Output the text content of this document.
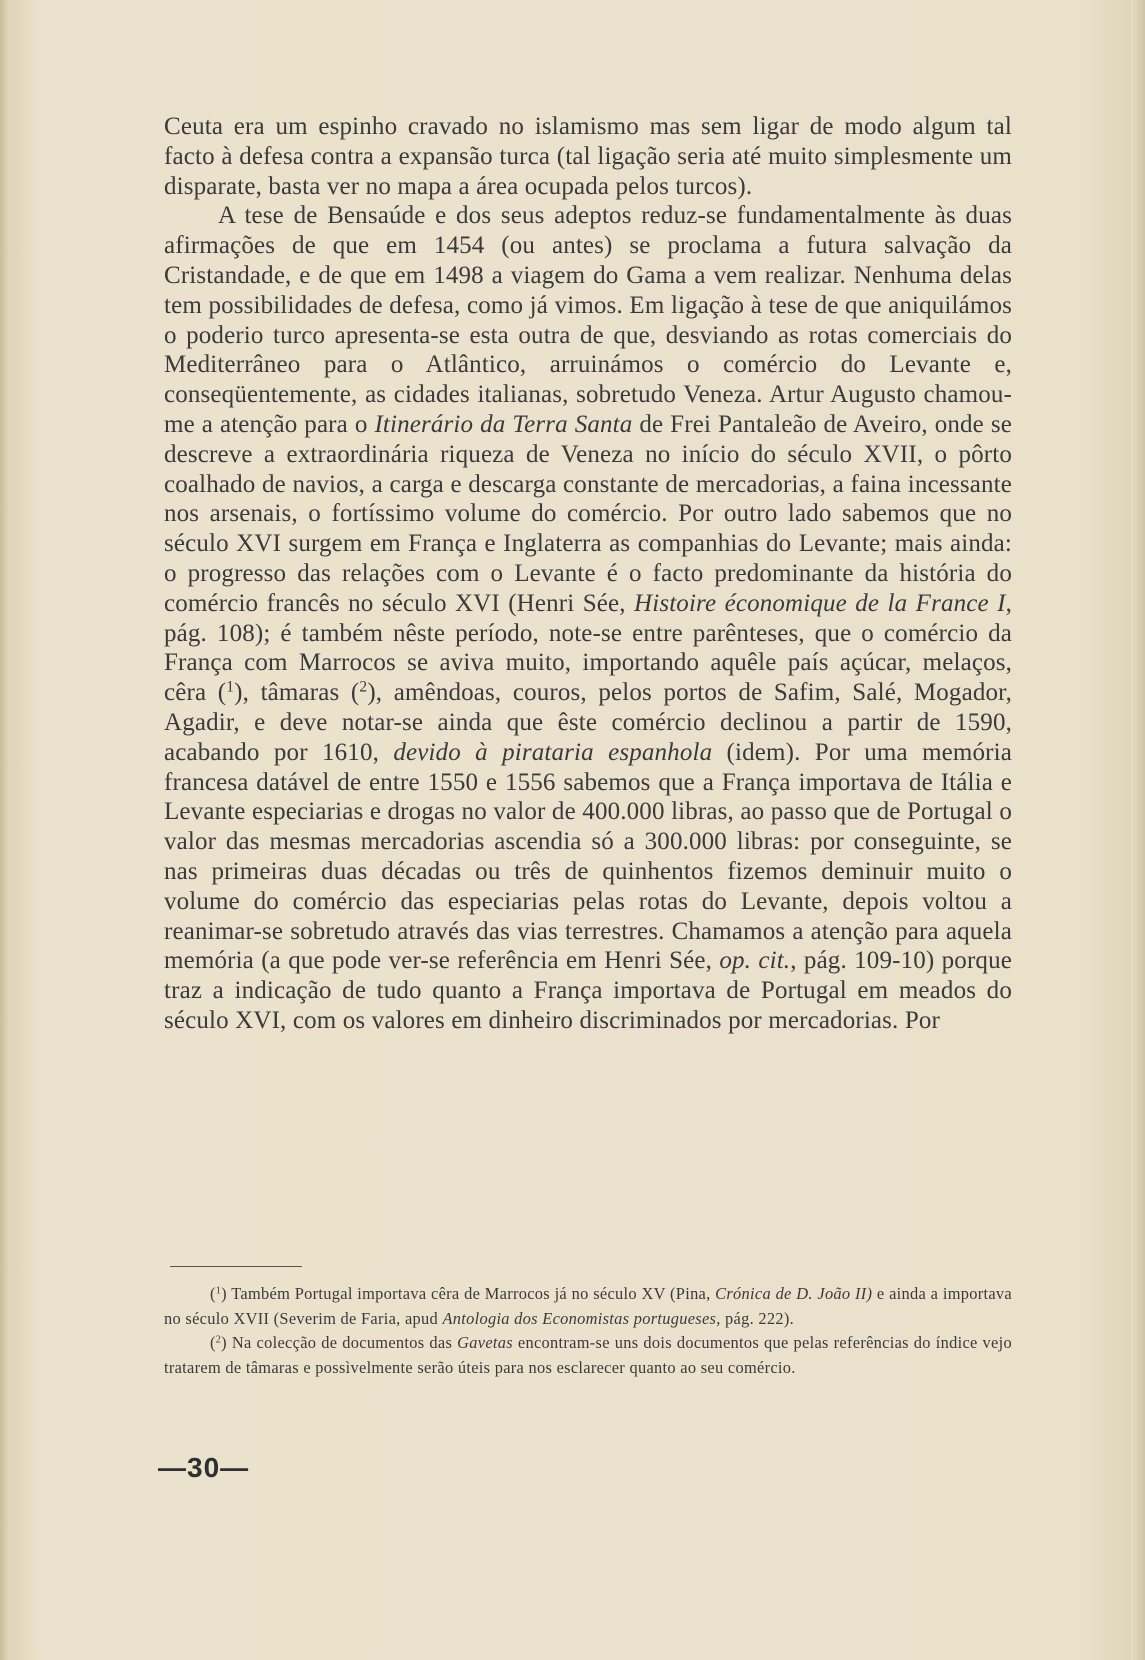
Ceuta era um espinho cravado no islamismo mas sem ligar de modo algum tal facto à defesa contra a expansão turca (tal ligação seria até muito simplesmente um disparate, basta ver no mapa a área ocupada pelos turcos).

A tese de Bensaúde e dos seus adeptos reduz-se fundamentalmente às duas afirmações de que em 1454 (ou antes) se proclama a futura salvação da Cristandade, e de que em 1498 a viagem do Gama a vem realizar. Nenhuma delas tem possibilidades de defesa, como já vimos. Em ligação à tese de que aniquilámos o poderio turco apresenta-se esta outra de que, desviando as rotas comerciais do Mediterrâneo para o Atlântico, arruinámos o comércio do Levante e, conseqüentemente, as cidades italianas, sobretudo Veneza. Artur Augusto chamou-me a atenção para o Itinerário da Terra Santa de Frei Pantaleão de Aveiro, onde se descreve a extraordinária riqueza de Veneza no início do século XVII, o pôrto coalhado de navios, a carga e descarga constante de mercadorias, a faina incessante nos arsenais, o fortíssimo volume do comércio. Por outro lado sabemos que no século XVI surgem em França e Inglaterra as companhias do Levante; mais ainda: o progresso das relações com o Levante é o facto predominante da história do comércio francês no século XVI (Henri Sée, Histoire économique de la France I, pág. 108); é também nêste período, note-se entre parênteses, que o comércio da França com Marrocos se aviva muito, importando aquêle país açúcar, melaços, cêra ($^1$), tâmaras ($^2$), amêndoas, couros, pelos portos de Safim, Salé, Mogador, Agadir, e deve notar-se ainda que êste comércio declinou a partir de 1590, acabando por 1610, devido à pirataria espanhola (idem). Por uma memória francesa datável de entre 1550 e 1556 sabemos que a França importava de Itália e Levante especiarias e drogas no valor de 400.000 libras, ao passo que de Portugal o valor das mesmas mercadorias ascendia só a 300.000 libras: por conseguinte, se nas primeiras duas décadas ou três de quinhentos fizemos deminuir muito o volume do comércio das especiarias pelas rotas do Levante, depois voltou a reanimar-se sobretudo através das vias terrestres. Chamamos a atenção para aquela memória (a que pode ver-se referência em Henri Sée, op. cit., pág. 109-10) porque traz a indicação de tudo quanto a França importava de Portugal em meados do século XVI, com os valores em dinheiro discriminados por mercadorias. Por

($^1$) Também Portugal importava cêra de Marrocos já no século XV (Pina, Crónica de D. João II) e ainda a importava no século XVII (Severim de Faria, apud Antologia dos Economistas portugueses, pág. 222).

($^2$) Na colecção de documentos das Gavetas encontram-se uns dois documentos que pelas referências do índice vejo tratarem de tâmaras e possìvelmente serão úteis para nos esclarecer quanto ao seu comércio.

—30—
